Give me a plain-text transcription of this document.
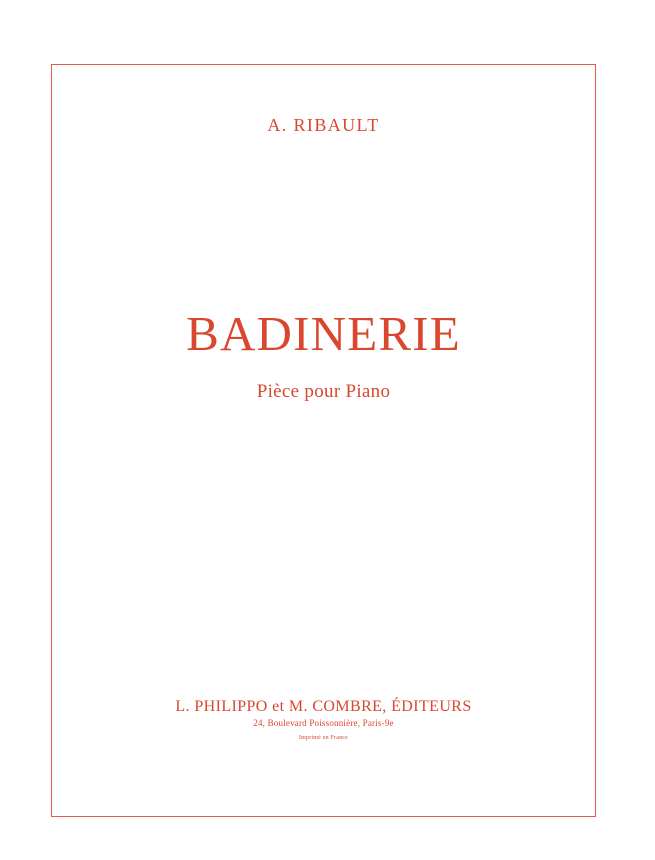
A. RIBAULT
BADINERIE
Pièce pour Piano
L. PHILIPPO et M. COMBRE, ÉDITEURS
24, Boulevard Poissonnière, Paris-9e
Imprimé en France
